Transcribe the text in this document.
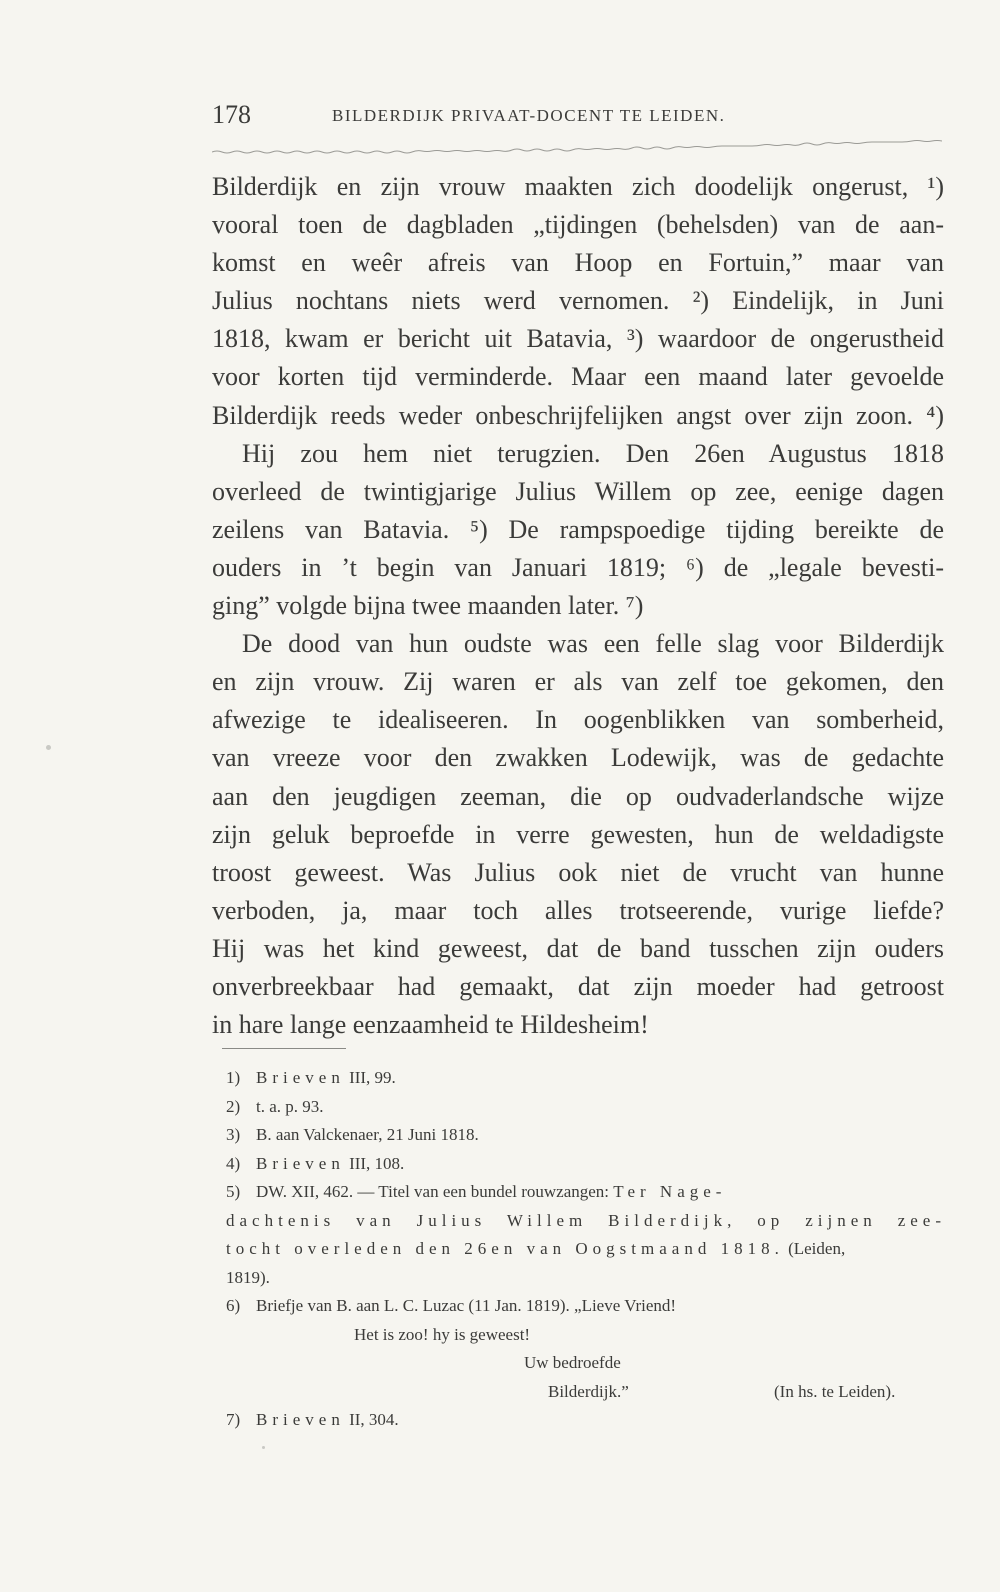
178	BILDERDIJK PRIVAAT-DOCENT TE LEIDEN.
Bilderdijk en zijn vrouw maakten zich doodelijk ongerust, ¹)
vooral toen de dagbladen „tijdingen (behelsden) van de aan-
komst en weêr afreis van Hoop en Fortuin,” maar van
Julius nochtans niets werd vernomen. ²) Eindelijk, in Juni
1818, kwam er bericht uit Batavia, ³) waardoor de ongerustheid
voor korten tijd verminderde. Maar een maand later gevoelde
Bilderdijk reeds weder onbeschrijfelijken angst over zijn zoon. ⁴)
Hij zou hem niet terugzien. Den 26en Augustus 1818
overleed de twintigjarige Julius Willem op zee, eenige dagen
zeilens van Batavia. ⁵) De rampspoedige tijding bereikte de
ouders in ’t begin van Januari 1819; ⁶) de „legale bevesti-
ging” volgde bijna twee maanden later. ⁷)
De dood van hun oudste was een felle slag voor Bilderdijk
en zijn vrouw. Zij waren er als van zelf toe gekomen, den
afwezige te idealiseeren. In oogenblikken van somberheid,
van vreeze voor den zwakken Lodewijk, was de gedachte
aan den jeugdigen zeeman, die op oudvaderlandsche wijze
zijn geluk beproefde in verre gewesten, hun de weldadigste
troost geweest. Was Julius ook niet de vrucht van hunne
verboden, ja, maar toch alles trotseerende, vurige liefde?
Hij was het kind geweest, dat de band tusschen zijn ouders
onverbreekbaar had gemaakt, dat zijn moeder had getroost
in hare lange eenzaamheid te Hildesheim!
1) Brieven III, 99.
2) t. a. p. 93.
3) B. aan Valckenaer, 21 Juni 1818.
4) Brieven III, 108.
5) DW. XII, 462. — Titel van een bundel rouwzangen: Ter Nage-
dachtenis van Julius Willem Bilderdijk, op zijnen zee-
tocht overleden den 26en van Oogstmaand 1818. (Leiden,
1819).
6) Briefje van B. aan L. C. Luzac (11 Jan. 1819). „Lieve Vriend!
Het is zoo! hy is geweest!
Uw bedroefde
Bilderdijk.”	(In hs. te Leiden).
7) Brieven II, 304.
